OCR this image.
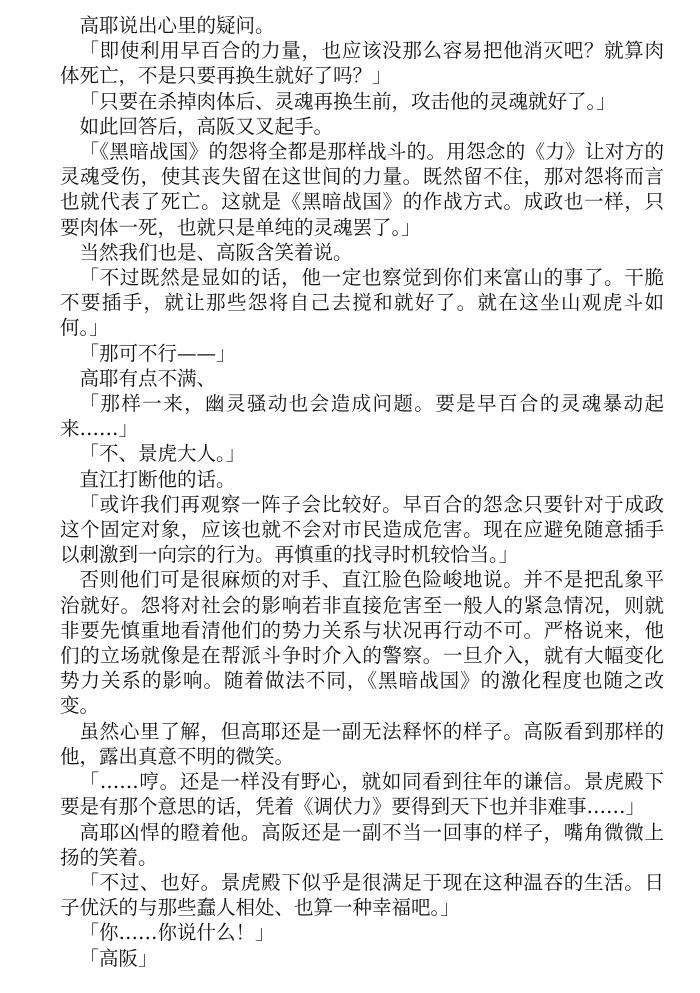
高耶说出心里的疑问。

「即使利用早百合的力量，也应该没那么容易把他消灭吧？就算肉体死亡，不是只要再换生就好了吗？」

「只要在杀掉肉体后、灵魂再换生前，攻击他的灵魂就好了。」

如此回答后，高阪又叉起手。

「《黑暗战国》的怨将全都是那样战斗的。用怨念的《力》让对方的灵魂受伤，使其丧失留在这世间的力量。既然留不住，那对怨将而言也就代表了死亡。这就是《黑暗战国》的作战方式。成政也一样，只要肉体一死，也就只是单纯的灵魂罢了。」

当然我们也是、高阪含笑着说。

「不过既然是显如的话，他一定也察觉到你们来富山的事了。干脆不要插手，就让那些怨将自己去搅和就好了。就在这坐山观虎斗如何。」

「那可不行——」

高耶有点不满、

「那样一来，幽灵骚动也会造成问题。要是早百合的灵魂暴动起来……」

「不、景虎大人。」

直江打断他的话。

「或许我们再观察一阵子会比较好。早百合的怨念只要针对于成政这个固定对象，应该也就不会对市民造成危害。现在应避免随意插手以刺激到一向宗的行为。再慎重的找寻时机较恰当。」

否则他们可是很麻烦的对手、直江脸色险峻地说。并不是把乱象平治就好。怨将对社会的影响若非直接危害至一般人的紧急情况，则就非要先慎重地看清他们的势力关系与状况再行动不可。严格说来，他们的立场就像是在帮派斗争时介入的警察。一旦介入，就有大幅变化势力关系的影响。随着做法不同，《黑暗战国》的激化程度也随之改变。

虽然心里了解，但高耶还是一副无法释怀的样子。高阪看到那样的他，露出真意不明的微笑。

「……哼。还是一样没有野心，就如同看到往年的谦信。景虎殿下要是有那个意思的话，凭着《调伏力》要得到天下也并非难事……」

高耶凶悍的瞪着他。高阪还是一副不当一回事的样子，嘴角微微上扬的笑着。

「不过、也好。景虎殿下似乎是很满足于现在这种温吞的生活。日子优沃的与那些蠢人相处、也算一种幸福吧。」

「你……你说什么！」

「高阪」
